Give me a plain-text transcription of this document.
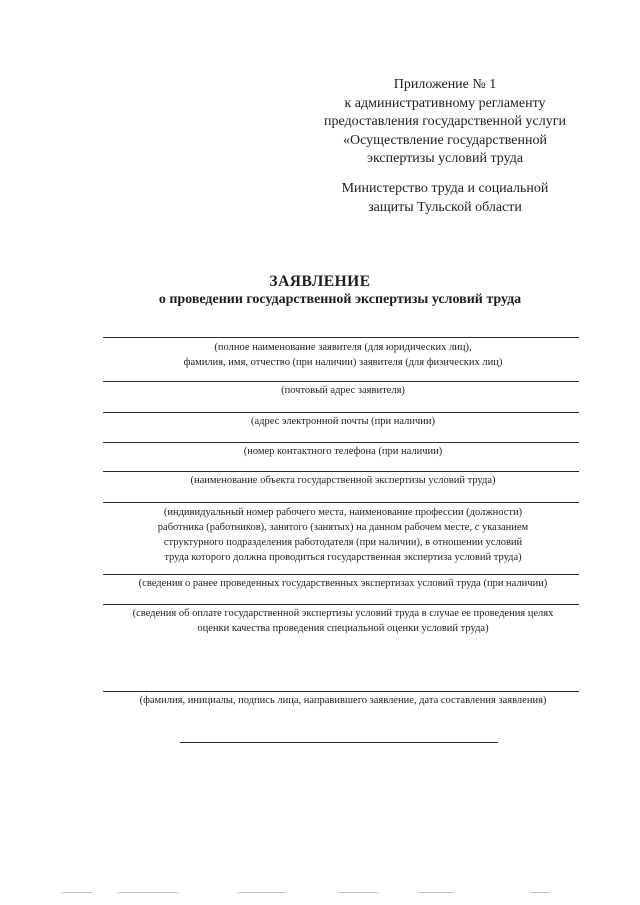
Приложение № 1
к административному регламенту
предоставления государственной услуги
«Осуществление государственной
экспертизы условий труда
Министерство труда и социальной
защиты Тульской области
ЗАЯВЛЕНИЕ
о проведении государственной экспертизы условий труда
(полное наименование заявителя (для юридических лиц),
фамилия, имя, отчество (при наличии) заявителя (для физических лиц)
(почтовый адрес заявителя)
(адрес электронной почты (при наличии)
(номер контактного телефона (при наличии)
(наименование объекта государственной экспертизы условий труда)
(индивидуальный номер рабочего места, наименование профессии (должности)
работника (работников), занятого (занятых) на данном рабочем месте, с указанием
структурного подразделения работодателя (при наличии), в отношении условий
труда которого должна проводиться государственная экспертиза условий труда)
(сведения о ранее проведенных государственных экспертизах условий труда (при наличии)
(сведения об оплате государственной экспертизы условий труда в случае ее проведения целях
оценки качества проведения специальной оценки условий труда)
(фамилия, инициалы, подпись лица, направившего заявление, дата составления заявления)
